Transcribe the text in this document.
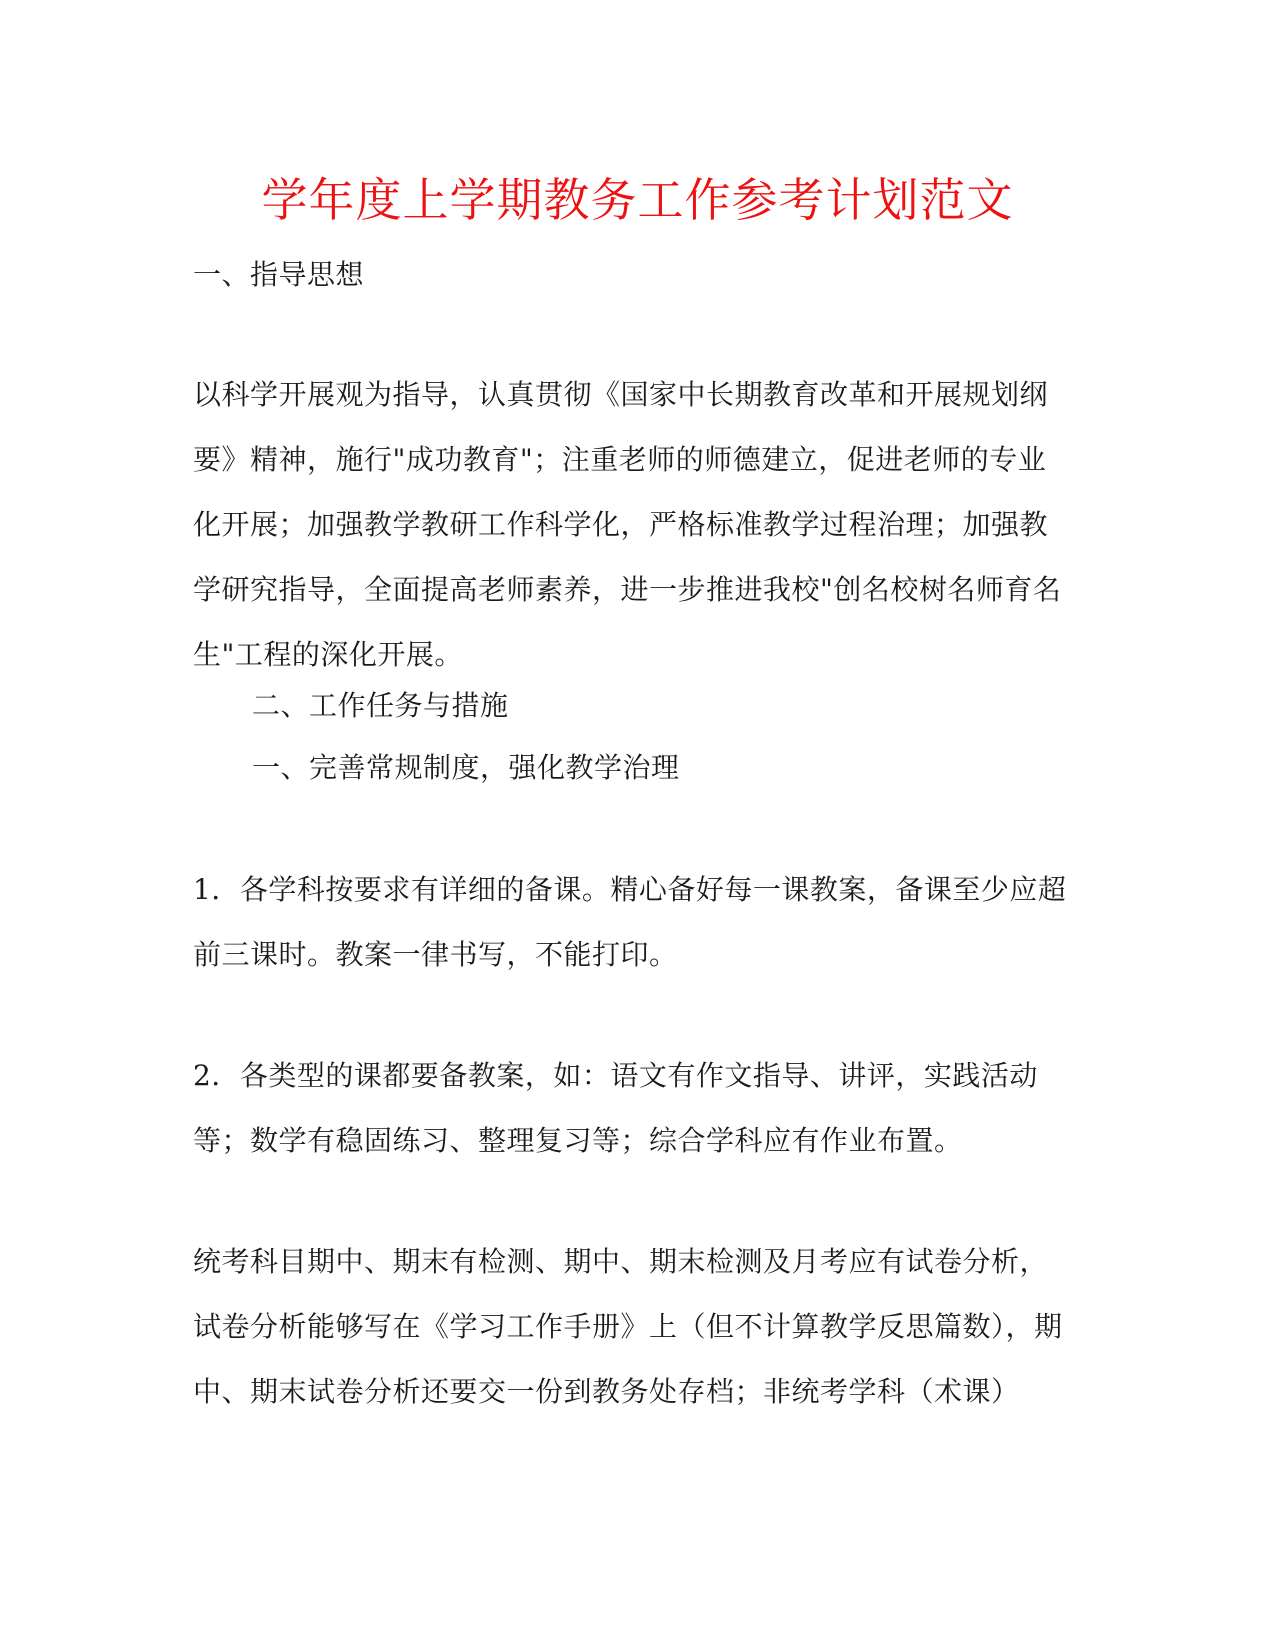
学年度上学期教务工作参考计划范文

一、指导思想

以科学开展观为指导，认真贯彻《国家中长期教育改革和开展规划纲要》精神，施行"成功教育"；注重老师的师德建立，促进老师的专业化开展；加强教学教研工作科学化，严格标准教学过程治理；加强教学研究指导，全面提高老师素养，进一步推进我校"创名校树名师育名生"工程的深化开展。

二、工作任务与措施

一、完善常规制度，强化教学治理

1．各学科按要求有详细的备课。精心备好每一课教案，备课至少应超前三课时。教案一律书写，不能打印。

2．各类型的课都要备教案，如：语文有作文指导、讲评，实践活动等；数学有稳固练习、整理复习等；综合学科应有作业布置。

统考科目期中、期末有检测、期中、期末检测及月考应有试卷分析，试卷分析能够写在《学习工作手册》上（但不计算教学反思篇数），期中、期末试卷分析还要交一份到教务处存档；非统考学科（术课）
